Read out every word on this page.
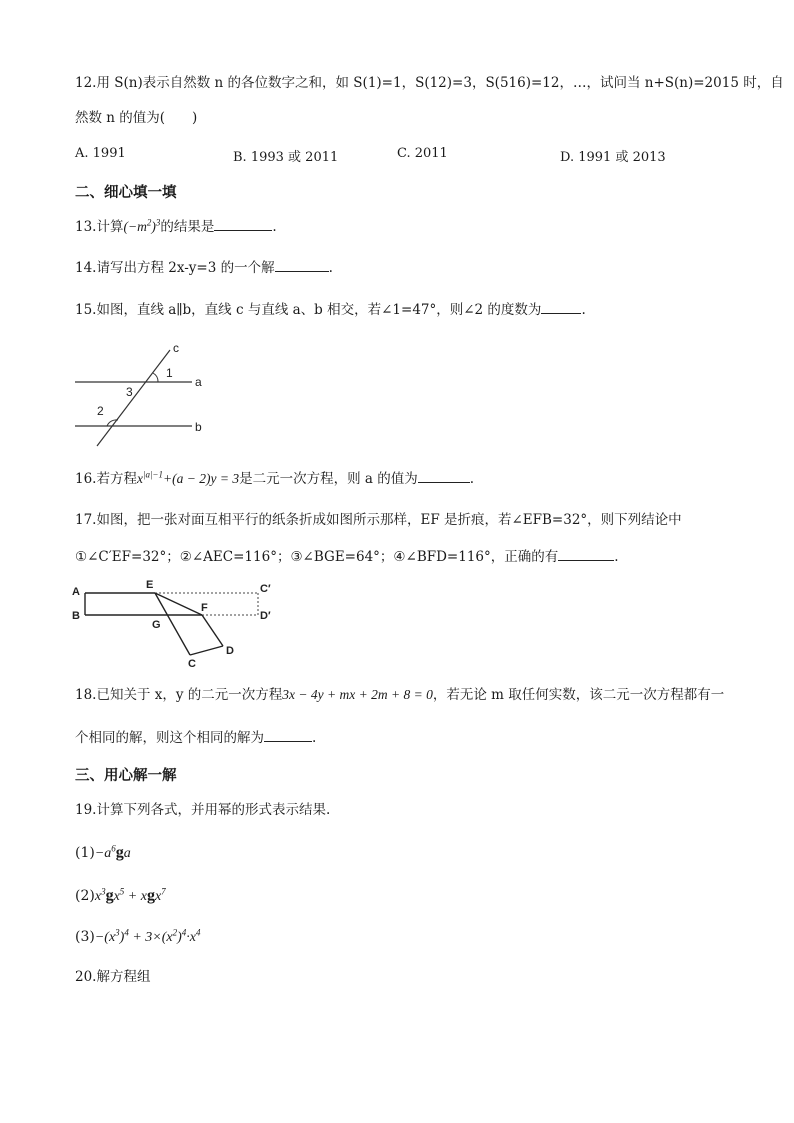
12.用 S(n)表示自然数 n 的各位数字之和，如 S(1)=1，S(12)=3，S(516)=12，…，试问当 n+S(n)=2015 时，自
然数 n 的值为(　　)
A. 1991	B. 1993 或 2011	C. 2011	D. 1991 或 2013
二、细心填一填
13.计算$(-m^2)^3$的结果是	.
14.请写出方程 2x-y=3 的一个解	.
15.如图，直线 a∥b，直线 c 与直线 a、b 相交，若∠1=47°，则∠2 的度数为	.
c
a
b
1
3
2
16.若方程$x^{|a|-1}+(a - 2)y = 3$是二元一次方程，则 a 的值为	.
17.如图，把一张对面互相平行的纸条折成如图所示那样，EF 是折痕，若∠EFB=32°，则下列结论中
①∠C′EF=32°；②∠AEC=116°；③∠BGE=64°；④∠BFD=116°，正确的有	.
A
B
E
F
G
C
D
C′
D′
18.已知关于 x，y 的二元一次方程3x − 4y + mx + 2m + 8 = 0，若无论 m 取任何实数，该二元一次方程都有一
个相同的解，则这个相同的解为	.
三、用心解一解
19.计算下列各式，并用幂的形式表示结果.
$(1)-a^6ga$
$(2)x^3gx^5 + xgx^7$
$(3)-(x^3)^4 + 3\times(x^2)^4\cdot x^4$
20.解方程组
